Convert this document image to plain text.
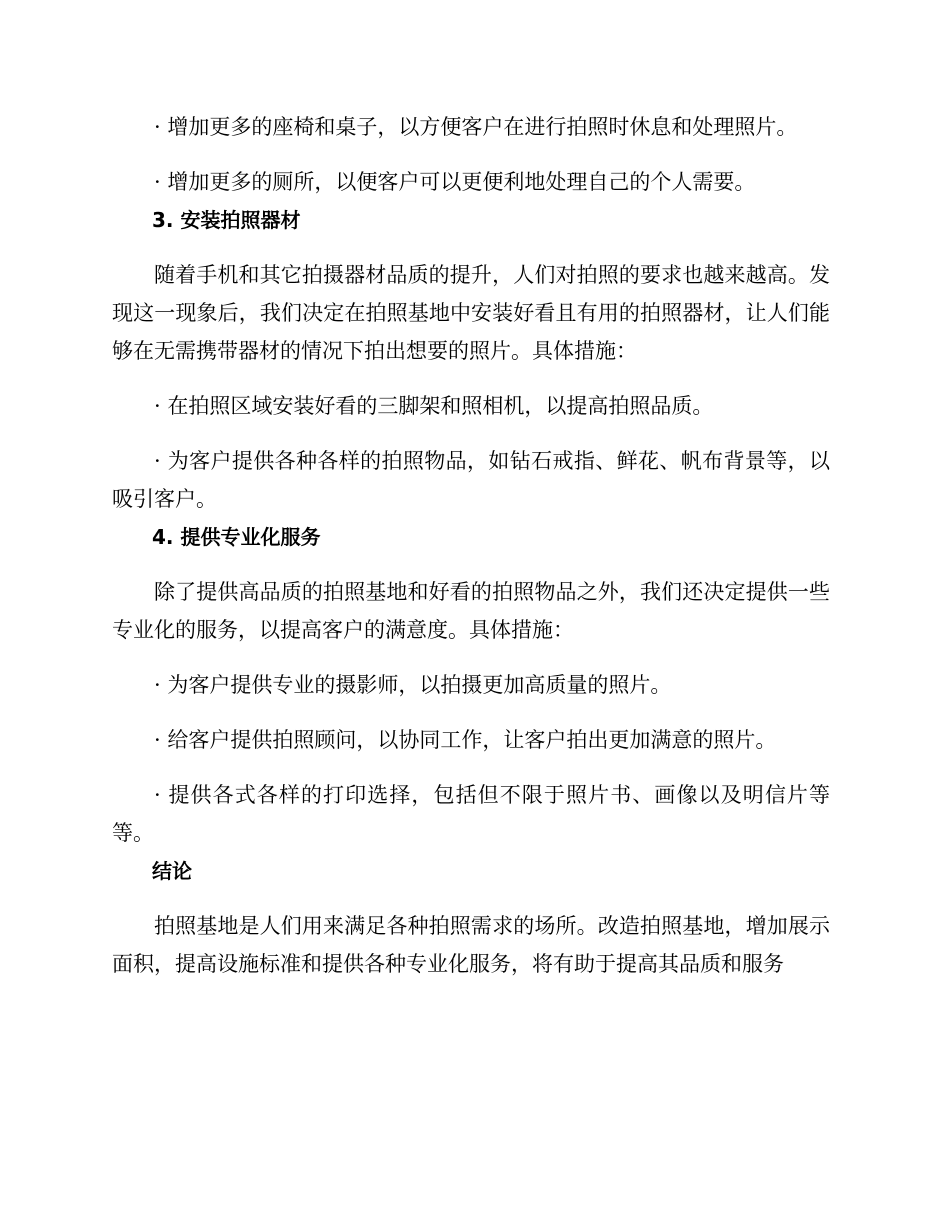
· 增加更多的座椅和桌子，以方便客户在进行拍照时休息和处理照片。

· 增加更多的厕所，以便客户可以更便利地处理自己的个人需要。

3. 安装拍照器材

随着手机和其它拍摄器材品质的提升，人们对拍照的要求也越来越高。发现这一现象后，我们决定在拍照基地中安装好看且有用的拍照器材，让人们能够在无需携带器材的情况下拍出想要的照片。具体措施：

· 在拍照区域安装好看的三脚架和照相机，以提高拍照品质。

· 为客户提供各种各样的拍照物品，如钻石戒指、鲜花、帆布背景等，以吸引客户。

4. 提供专业化服务

除了提供高品质的拍照基地和好看的拍照物品之外，我们还决定提供一些专业化的服务，以提高客户的满意度。具体措施：

· 为客户提供专业的摄影师，以拍摄更加高质量的照片。

· 给客户提供拍照顾问，以协同工作，让客户拍出更加满意的照片。

· 提供各式各样的打印选择，包括但不限于照片书、画像以及明信片等等。

结论

拍照基地是人们用来满足各种拍照需求的场所。改造拍照基地，增加展示面积，提高设施标准和提供各种专业化服务，将有助于提高其品质和服务
